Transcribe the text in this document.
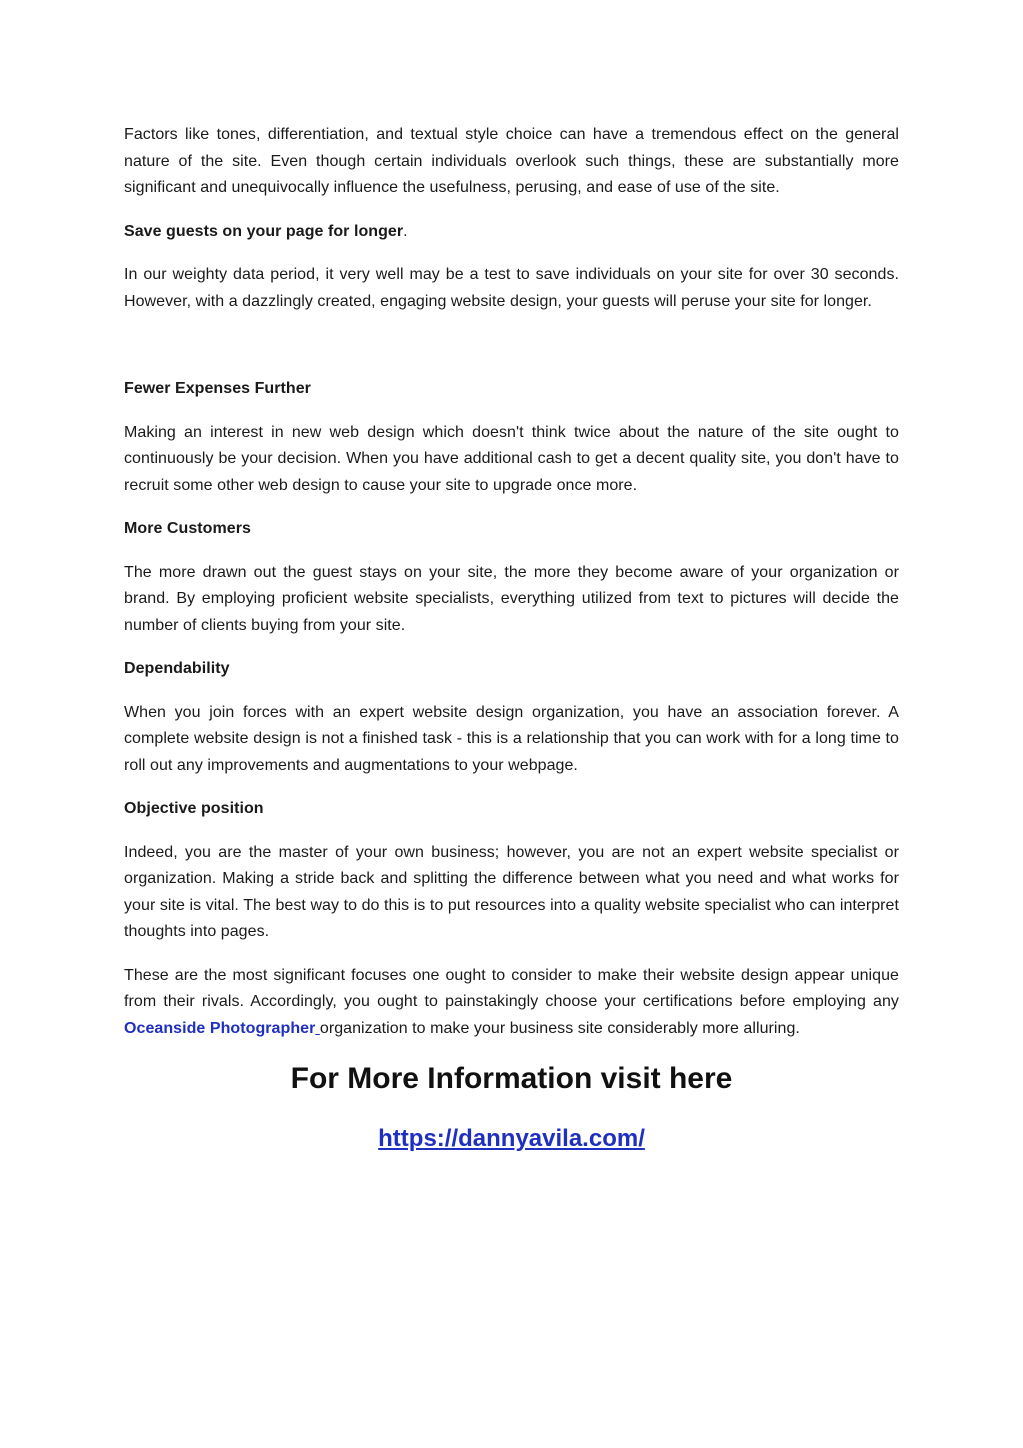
Factors like tones, differentiation, and textual style choice can have a tremendous effect on the general nature of the site. Even though certain individuals overlook such things, these are substantially more significant and unequivocally influence the usefulness, perusing, and ease of use of the site.

Save guests on your page for longer.

In our weighty data period, it very well may be a test to save individuals on your site for over 30 seconds. However, with a dazzlingly created, engaging website design, your guests will peruse your site for longer.

Fewer Expenses Further

Making an interest in new web design which doesn't think twice about the nature of the site ought to continuously be your decision. When you have additional cash to get a decent quality site, you don't have to recruit some other web design to cause your site to upgrade once more.

More Customers

The more drawn out the guest stays on your site, the more they become aware of your organization or brand. By employing proficient website specialists, everything utilized from text to pictures will decide the number of clients buying from your site.

Dependability

When you join forces with an expert website design organization, you have an association forever. A complete website design is not a finished task - this is a relationship that you can work with for a long time to roll out any improvements and augmentations to your webpage.

Objective position

Indeed, you are the master of your own business; however, you are not an expert website specialist or organization. Making a stride back and splitting the difference between what you need and what works for your site is vital. The best way to do this is to put resources into a quality website specialist who can interpret thoughts into pages.

These are the most significant focuses one ought to consider to make their website design appear unique from their rivals. Accordingly, you ought to painstakingly choose your certifications before employing any Oceanside Photographer organization to make your business site considerably more alluring.

For More Information visit here
https://dannyavila.com/
